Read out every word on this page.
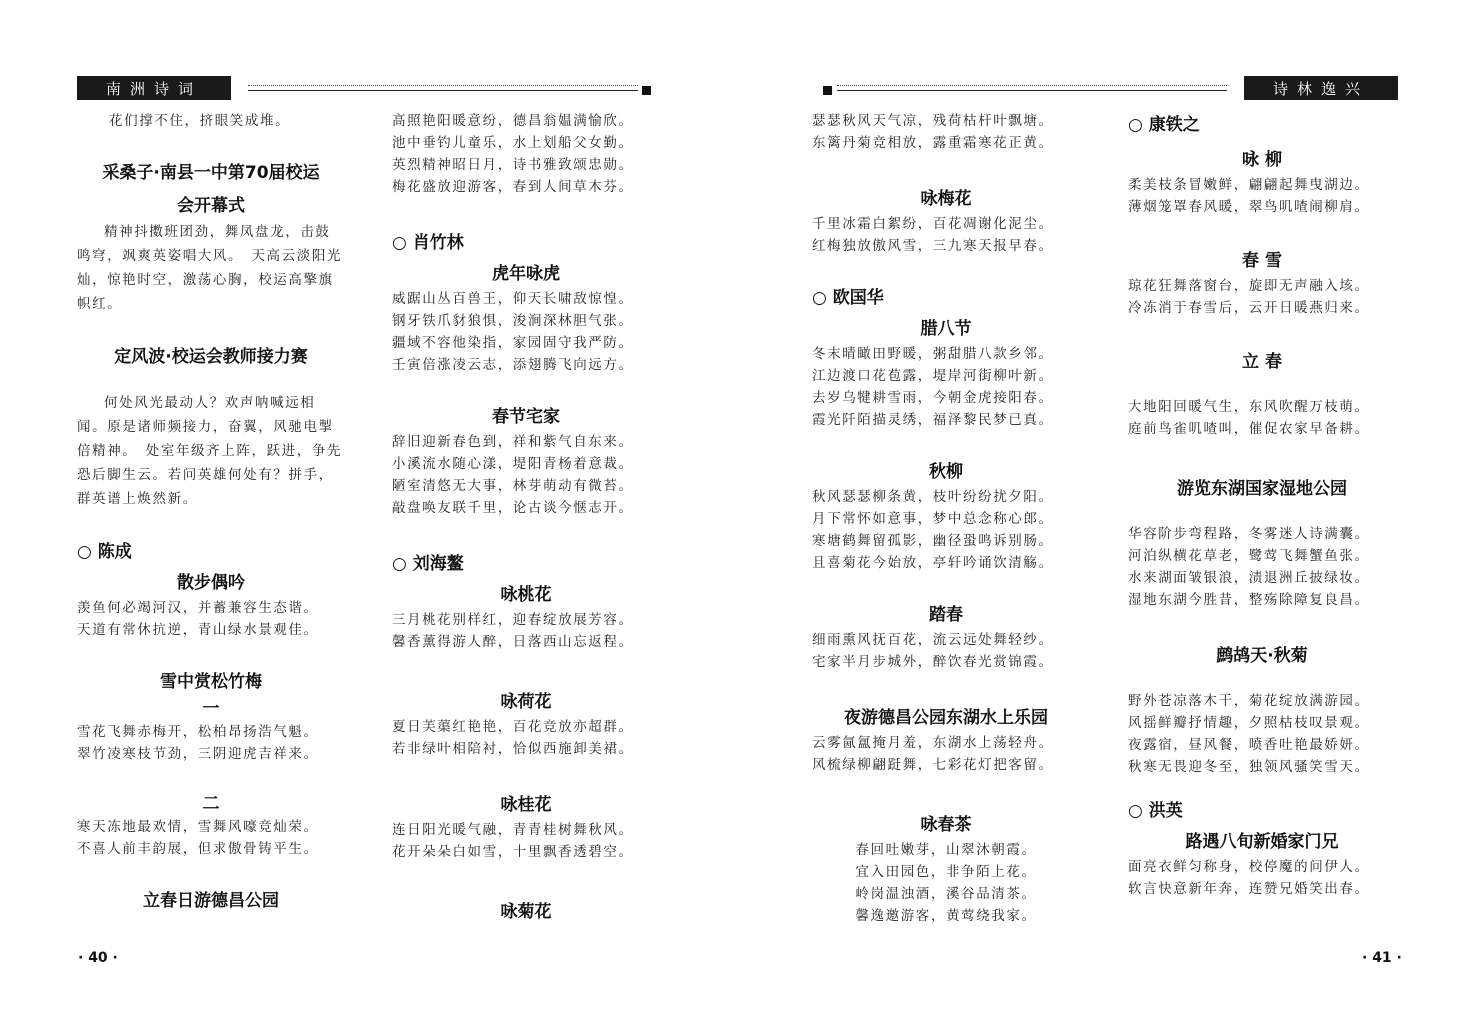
南洲诗词	诗林逸兴

花们撑不住，挤眼笑成堆。

采桑子·南县一中第70届校运

会开幕式

精神抖擞班团劲，舞凤盘龙，击鼓鸣穹，飒爽英姿唱大风。　天高云淡阳光灿，惊艳时空，激荡心胸，校运高擎旗帜红。

定风波·校运会教师接力赛

何处风光最动人？欢声呐喊远相闻。原是诸师频接力，奋翼，风驰电掣倍精神。　处室年级齐上阵，跃进，争先恐后脚生云。若问英雄何处有？拼手，群英谱上焕然新。

○ 陈成

散步偶吟

羡鱼何必竭河汉，并蓄兼容生态谐。

天道有常休抗逆，青山绿水景观佳。

雪中赏松竹梅

一

雪花飞舞赤梅开，松柏昂扬浩气魁。

翠竹凌寒枝节劲，三阴迎虎吉祥来。

二

寒天冻地最欢情，雪舞风嚎竞灿荣。

不喜人前丰韵展，但求傲骨铸平生。

立春日游德昌公园

高照艳阳暖意纷，德昌翁媪满愉欣。

池中垂钓儿童乐，水上划船父女勤。

英烈精神昭日月，诗书雅致颂忠勋。

梅花盛放迎游客，春到人间草木芬。

○ 肖竹林

虎年咏虎

威踞山丛百兽王，仰天长啸敌惊惶。

钢牙铁爪豺狼惧，浚涧深林胆气张。

疆域不容他染指，家园固守我严防。

壬寅倍涨凌云志，添翅腾飞向远方。

春节宅家

辞旧迎新春色到，祥和紫气自东来。

小溪流水随心漾，堤阳青杨着意裁。

陋室清悠无大事，林芽萌动有微苔。

敲盘唤友联千里，论古谈今惬志开。

○ 刘海鳌

咏桃花

三月桃花别样红，迎春绽放展芳容。

馨香薰得游人醉，日落西山忘返程。

咏荷花

夏日芙蕖红艳艳，百花竞放亦超群。

若非绿叶相陪衬，恰似西施卸美裙。

咏桂花

连日阳光暖气融，青青桂树舞秋风。

花开朵朵白如雪，十里飘香透碧空。

咏菊花

瑟瑟秋风天气凉，残荷枯杆叶飘塘。

东篱丹菊竞相放，露重霜寒花正黄。

咏梅花

千里冰霜白絮纷，百花凋谢化泥尘。

红梅独放傲风雪，三九寒天报早春。

○ 欧国华

腊八节

冬末晴瞰田野暖，粥甜腊八款乡邻。

江边渡口花苞露，堤岸河街柳叶新。

去岁乌犍耕雪雨，今朝金虎接阳春。

霞光阡陌描灵绣，福泽黎民梦已真。

秋柳

秋风瑟瑟柳条黄，枝叶纷纷扰夕阳。

月下常怀如意事，梦中总念称心郎。

寒塘鹤舞留孤影，幽径蛩鸣诉别肠。

且喜菊花今始放，亭轩吟诵饮清觞。

踏春

细雨熏风抚百花，流云远处舞轻纱。

宅家半月步城外，醉饮春光赏锦霞。

夜游德昌公园东湖水上乐园

云雾氤氲掩月羞，东湖水上荡轻舟。

风梳绿柳翩跹舞，七彩花灯把客留。

咏春茶

春回吐嫩芽，山翠沐朝霞。

宜入田园色，非争陌上花。

岭岗温浊酒，溪谷品清茶。

馨逸邀游客，黄莺绕我家。

○ 康铁之

咏 柳

柔美枝条冒嫩鲜，翩翩起舞曳湖边。

薄烟笼罩春风暖，翠鸟叽喳闹柳肩。

春 雪

琼花狂舞落窗台，旋即无声融入垓。

冷冻消于春雪后，云开日暖燕归来。

立 春

大地阳回暖气生，东风吹醒万枝萌。

庭前鸟雀叽喳叫，催促农家早备耕。

游览东湖国家湿地公园

华容阶步弯程路，冬雾迷人诗满囊。

河泊纵横花草老，鹭莺飞舞蟹鱼张。

水来湖面皱银浪，渍退洲丘披绿妆。

湿地东湖今胜昔，整殇除障复良昌。

鹧鸪天·秋菊

野外苍凉落木干，菊花绽放满游园。

风摇鲜瓣抒情趣，夕照枯枝叹景观。

夜露宿，昼风餐，喷香吐艳最娇妍。

秋寒无畏迎冬至，独领风骚笑雪天。

○ 洪英

路遇八旬新婚家门兄

面亮衣鲜匀称身，校停魔的问伊人。

软言快意新年奔，连赞兄婚笑出春。

· 40 ·	· 41 ·
